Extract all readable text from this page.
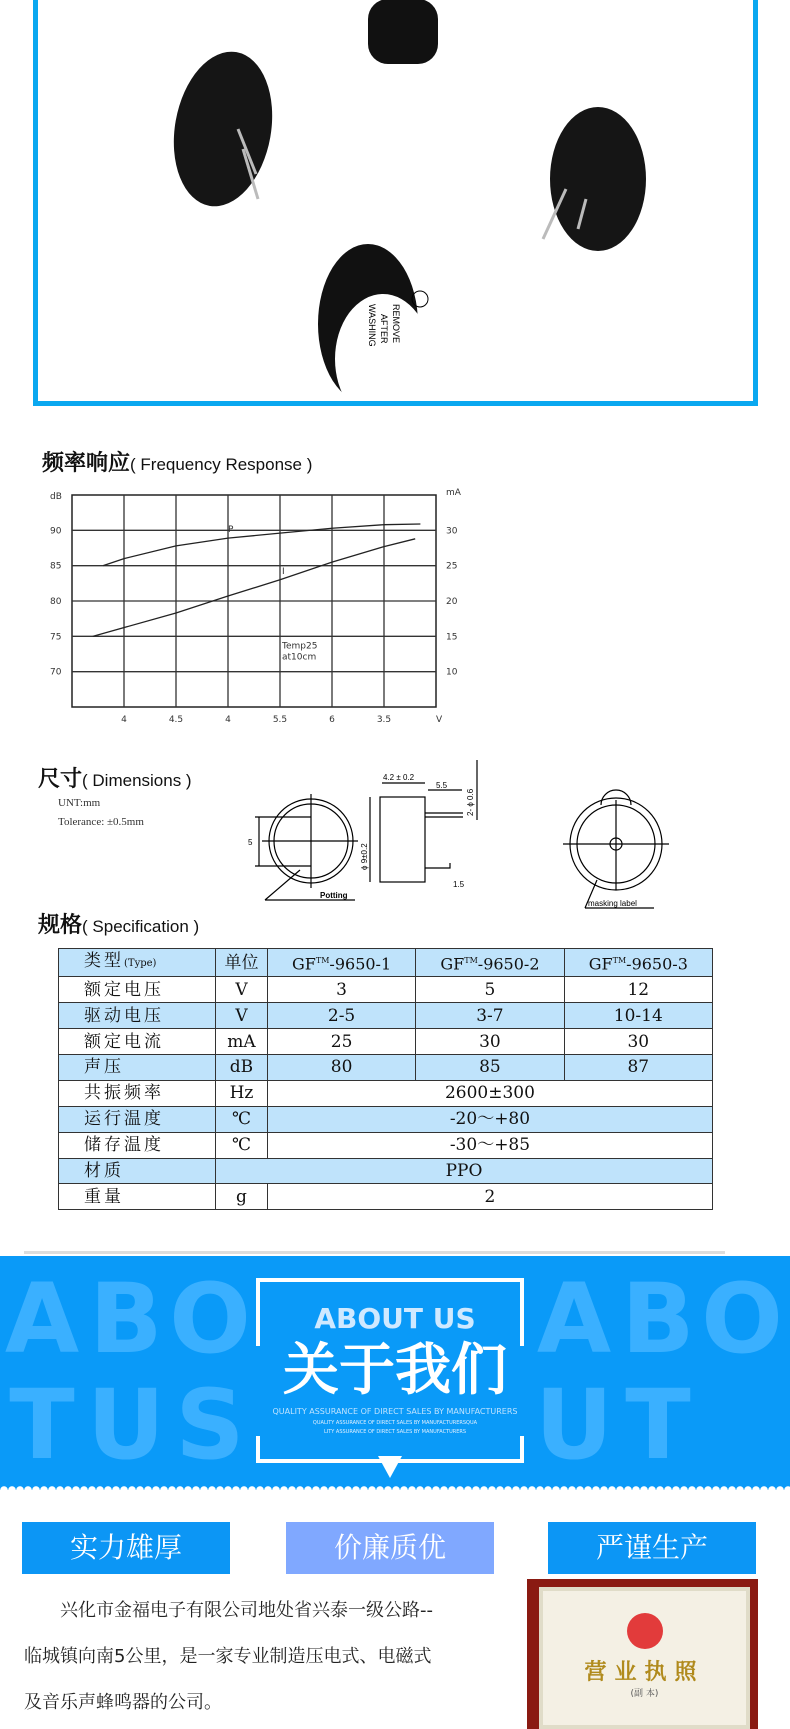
REMOVE
AFTER
WASHING
频率响应( Frequency Response )
dB	mA
90
85
80
75
70
30
25
20
15
10
4	4.5	4	5.5	6	3.5	V
Temp25
at10cm
P
I
尺寸( Dimensions )
UNT:mm
Tolerance: ±0.5mm
5
Potting
4.2 ± 0.2
5.5
2- ϕ 0.6
ϕ 9±0.2
1.5
masking label
规格( Specification )
类型(Type)	单位	GF™-9650-1	GF™-9650-2	GF™-9650-3
额定电压	V	3	5	12
驱动电压	V	2-5	3-7	10-14
额定电流	mA	25	30	30
声压	dB	80	85	87
共振频率	Hz	2600±300		
运行温度	℃	-20～+80		
储存温度	℃	-30～+85		
材质	PPO			
重量	g	2		
A B O
T U S
A B O
U T
ABOUT US
关于我们
QUALITY ASSURANCE OF DIRECT SALES BY MANUFACTURERS
QUALITY ASSURANCE OF DIRECT SALES BY MANUFACTURERSQUA
LITY ASSURANCE OF DIRECT SALES BY MANUFACTURERS
实力雄厚	价廉质优	严谨生产
　　兴化市金福电子有限公司地处省兴泰一级公路--
临城镇向南5公里，是一家专业制造压电式、电磁式
及音乐声蜂鸣器的公司。
营业执照
(副 本)
